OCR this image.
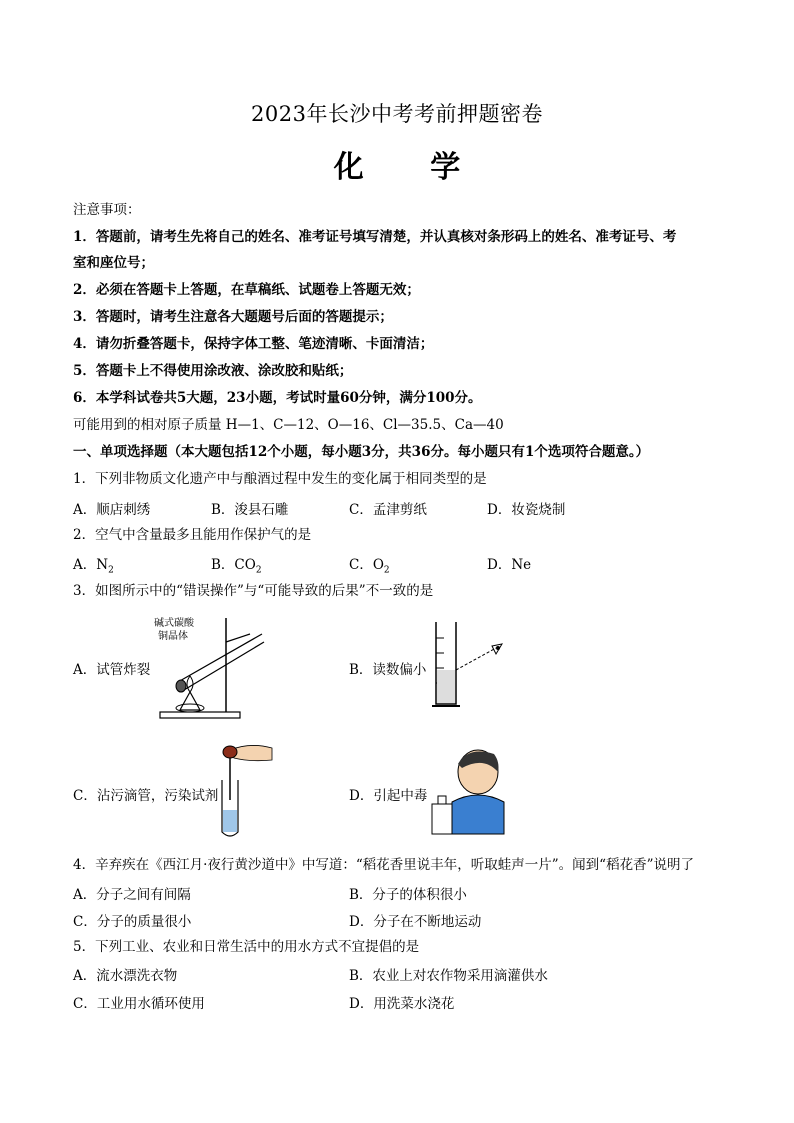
2023年长沙中考考前押题密卷
化 学
注意事项：
1．答题前，请考生先将自己的姓名、准考证号填写清楚，并认真核对条形码上的姓名、准考证号、考
室和座位号；
2．必须在答题卡上答题，在草稿纸、试题卷上答题无效；
3．答题时，请考生注意各大题题号后面的答题提示；
4．请勿折叠答题卡，保持字体工整、笔迹清晰、卡面清洁；
5．答题卡上不得使用涂改液、涂改胶和贴纸；
6．本学科试卷共5大题，23小题，考试时量60分钟，满分100分。
可能用到的相对原子质量 H—1、C—12、O—16、Cl—35.5、Ca—40
一、单项选择题（本大题包括12个小题，每小题3分，共36分。每小题只有1个选项符合题意。）
1．下列非物质文化遗产中与酿酒过程中发生的变化属于相同类型的是
A．顺店刺绣	B．浚县石雕	C．孟津剪纸	D．妆瓷烧制
2．空气中含量最多且能用作保护气的是
A．$N_2$	B．$CO_2$	C．$O_2$	D．Ne
3．如图所示中的“错误操作”与“可能导致的后果”不一致的是
A．试管炸裂
碱式碳酸
铜晶体
B．读数偏小
C．沾污滴管，污染试剂	D．引起中毒
4．辛弃疾在《西江月·夜行黄沙道中》中写道：“稻花香里说丰年，听取蛙声一片”。闻到“稻花香”说明了
A．分子之间有间隔	B．分子的体积很小
C．分子的质量很小	D．分子在不断地运动
5．下列工业、农业和日常生活中的用水方式不宜提倡的是
A．流水漂洗衣物	B．农业上对农作物采用滴灌供水
C．工业用水循环使用	D．用洗菜水浇花
